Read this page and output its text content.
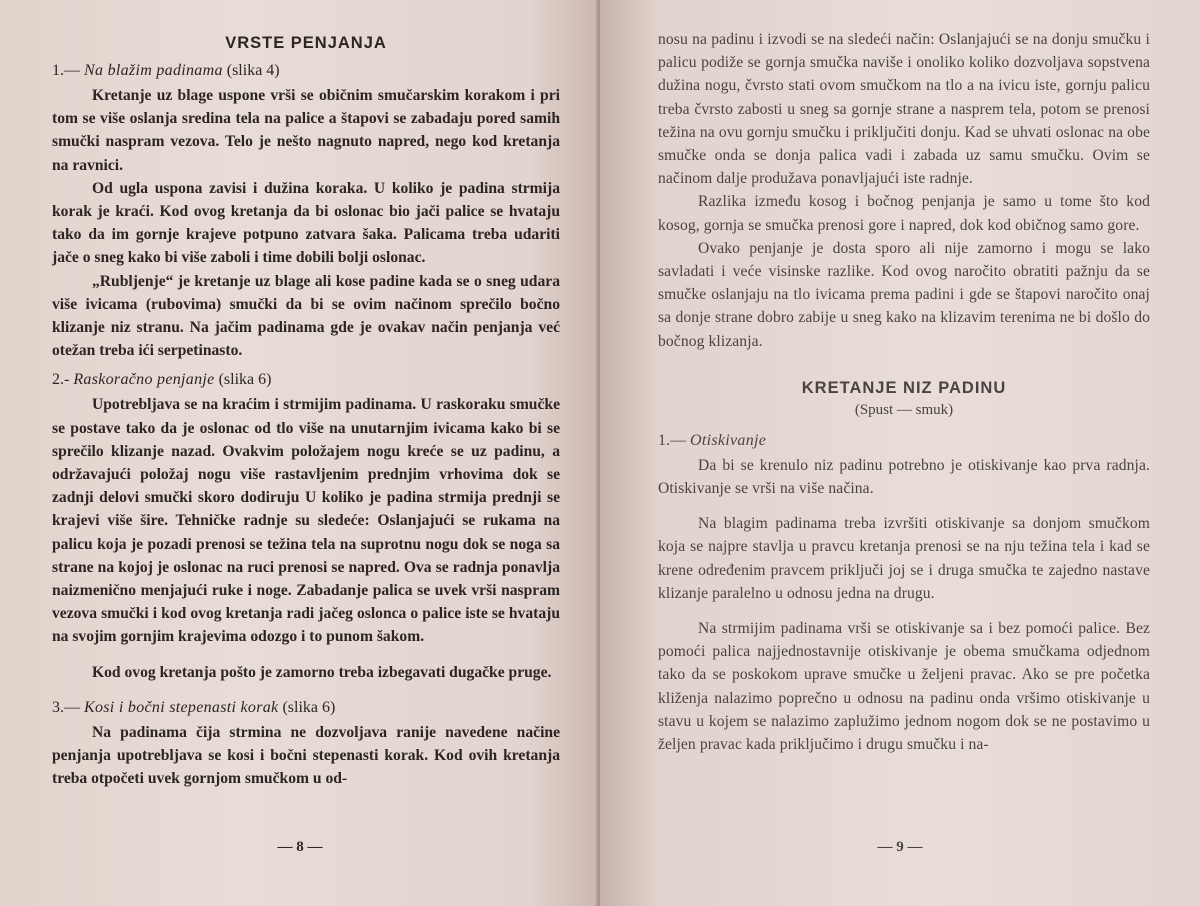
VRSTE PENJANJA
1.— Na blažim padinama (slika 4)

Kretanje uz blage uspone vrši se običnim smučarskim korakom i pri tom se više oslanja sredina tela na palice a štapovi se zabadaju pored samih smučki naspram vezova. Telo je nešto nagnuto napred, nego kod kretanja na ravnici.

Od ugla uspona zavisi i dužina koraka. U koliko je padina strmija korak je kraći. Kod ovog kretanja da bi oslonac bio jači palice se hvataju tako da im gornje krajeve potpuno zatvara šaka. Palicama treba udariti jače o sneg kako bi više zaboli i time dobili bolji oslonac.

„Rubljenje“ je kretanje uz blage ali kose padine kada se o sneg udara više ivicama (rubovima) smučki da bi se ovim načinom sprečilo bočno klizanje niz stranu. Na jačim padinama gde je ovakav način penjanja već otežan treba ići serpetinasto.

2.- Raskoračno penjanje (slika 6)

Upotrebljava se na kraćim i strmijim padinama. U raskoraku smučke se postave tako da je oslonac od tlo više na unutarnjim ivicama kako bi se sprečilo klizanje nazad. Ovakvim položajem nogu kreće se uz padinu, a održavajući položaj nogu više rastavljenim prednjim vrhovima dok se zadnji delovi smučki skoro dodiruju U koliko je padina strmija prednji se krajevi više šire. Tehničke radnje su sledeće: Oslanjajući se rukama na palicu koja je pozadi prenosi se težina tela na suprotnu nogu dok se noga sa strane na kojoj je oslonac na ruci prenosi se napred. Ova se radnja ponavlja naizmenično menjajući ruke i noge. Zabadanje palica se uvek vrši naspram vezova smučki i kod ovog kretanja radi jačeg oslonca o palice iste se hvataju na svojim gornjim krajevima odozgo i to punom šakom.

Kod ovog kretanja pošto je zamorno treba izbegavati dugačke pruge.

3.— Kosi i bočni stepenasti korak (slika 6)

Na padinama čija strmina ne dozvoljava ranije navedene načine penjanja upotrebljava se kosi i bočni stepenasti korak. Kod ovih kretanja treba otpočeti uvek gornjom smučkom u od-

— 8 —

nosu na padinu i izvodi se na sledeći način: Oslanjajući se na donju smučku i palicu podiže se gornja smučka naviše i onoliko koliko dozvoljava sopstvena dužina nogu, čvrsto stati ovom smučkom na tlo a na ivicu iste, gornju palicu treba čvrsto zabosti u sneg sa gornje strane a nasprem tela, potom se prenosi težina na ovu gornju smučku i priključiti donju. Kad se uhvati oslonac na obe smučke onda se donja palica vadi i zabada uz samu smučku. Ovim se načinom dalje produžava ponavljajući iste radnje.

Razlika između kosog i bočnog penjanja je samo u tome što kod kosog, gornja se smučka prenosi gore i napred, dok kod običnog samo gore.

Ovako penjanje je dosta sporo ali nije zamorno i mogu se lako savladati i veće visinske razlike. Kod ovog naročito obratiti pažnju da se smučke oslanjaju na tlo ivicama prema padini i gde se štapovi naročito onaj sa donje strane dobro zabije u sneg kako na klizavim terenima ne bi došlo do bočnog klizanja.

KRETANJE NIZ PADINU
(Spust — smuk)
1.— Otiskivanje

Da bi se krenulo niz padinu potrebno je otiskivanje kao prva radnja. Otiskivanje se vrši na više načina.

Na blagim padinama treba izvršiti otiskivanje sa donjom smučkom koja se najpre stavlja u pravcu kretanja prenosi se na nju težina tela i kad se krene određenim pravcem priključi joj se i druga smučka te zajedno nastave klizanje paralelno u odnosu jedna na drugu.

Na strmijim padinama vrši se otiskivanje sa i bez pomoći palice. Bez pomoći palica najjednostavnije otiskivanje je obema smučkama odjednom tako da se poskokom uprave smučke u željeni pravac. Ako se pre početka kliženja nalazimo poprečno u odnosu na padinu onda vršimo otiskivanje u stavu u kojem se nalazimo zaplužimo jednom nogom dok se ne postavimo u željen pravac kada priključimo i drugu smučku i na-

— 9 —
